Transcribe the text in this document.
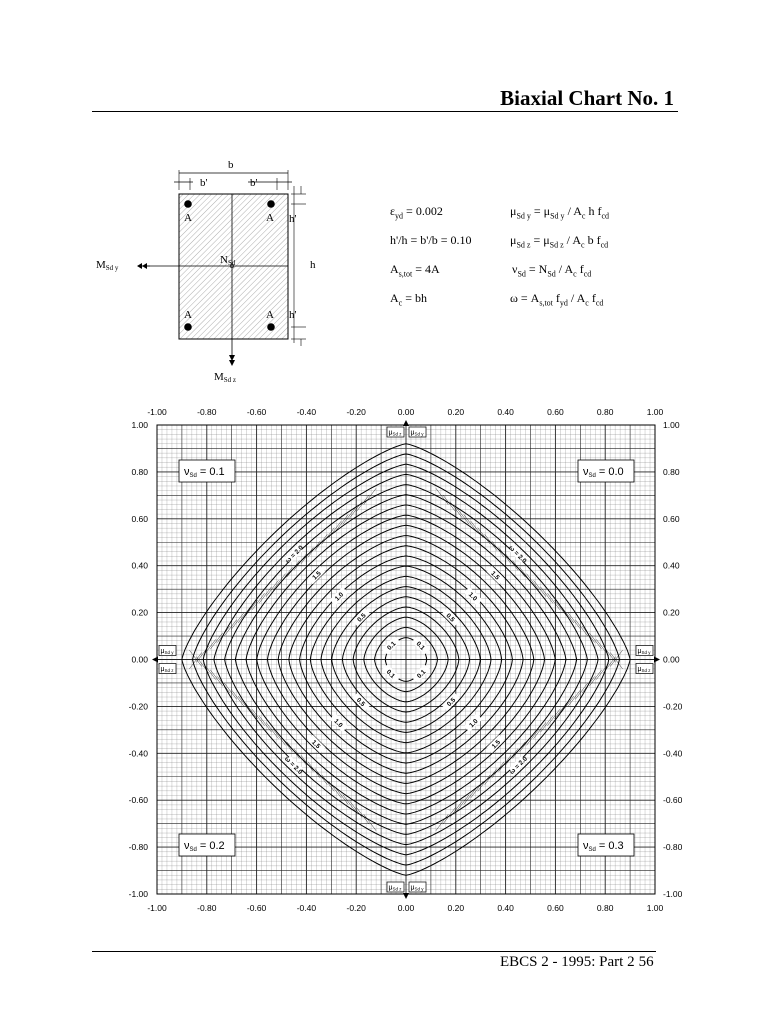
Biaxial Chart No. 1
b
b'	b'
A	A
A	A
NSd
h'
h
h'
MSd y
MSd z
$\varepsilon_{yd} = 0.002$
h'/h = b'/b = 0.10
$A_{s,tot} = 4A$
$A_c$ = bh
$\mu_{Sd y} = \mu_{Sd y} / A_c$ h $f_{cd}$
$\mu_{Sd z} = \mu_{Sd z} / A_c$ b $f_{cd}$
$\nu_{Sd} = N_{Sd} / A_c$ $f_{cd}$
$\omega = A_{s,tot}$ $f_{yd} / A_c$ $f_{cd}$
ω = 2.0	ω = 2.0
ω = 2.0	ω = 2.0
1.5	1.5
1.5	1.5
1.0	1.0
1.0	1.0
0.5	0.5
0.5	0.5
0.1	0.1
0.1	0.1
-1.00
-1.00
-0.80
-0.80
-0.60
-0.60
-0.40
-0.40
-0.20
-0.20
0.00
0.00
0.20
0.20
0.40
0.40
0.60
0.60
0.80
0.80
1.00
1.00
1.00	1.00
0.80	0.80
0.60	0.60
0.40	0.40
0.20	0.20
0.00	0.00
-0.20	-0.20
-0.40	-0.40
-0.60	-0.60
-0.80	-0.80
-1.00	-1.00
μSd z μSd y
μSd z μSd y
μSd y
μSd z
μSd y
μSd z
νSd = 0.1	νSd = 0.0
νSd = 0.2	νSd = 0.3
EBCS 2 - 1995: Part 2 56
